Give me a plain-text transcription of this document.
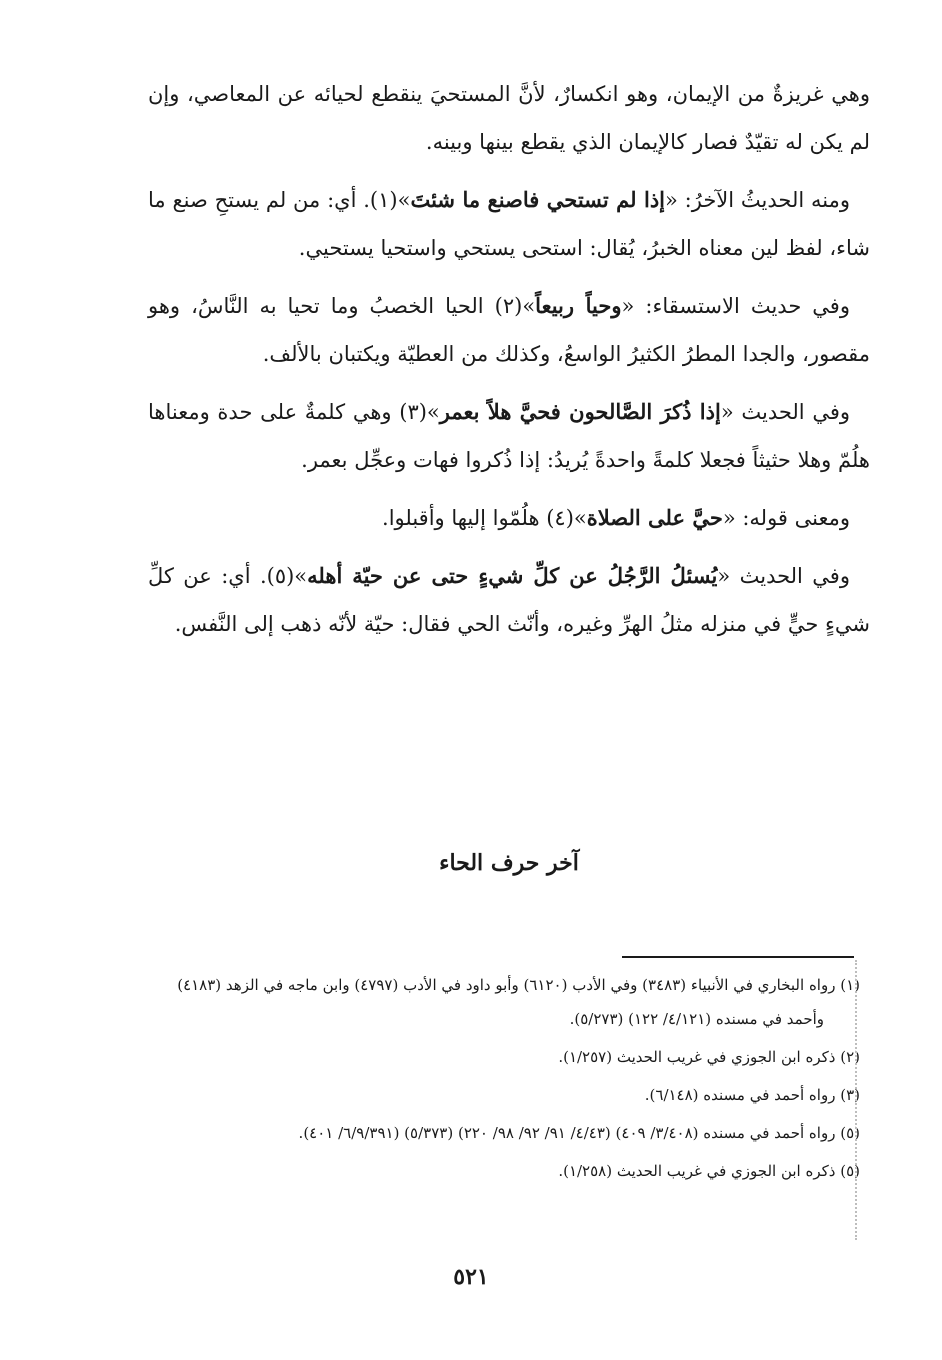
وهي غريزةٌ من الإيمان، وهو انكسارٌ، لأنَّ المستحيَ ينقطع لحيائه عن المعاصي، وإن لم يكن له تقيّدٌ فصار كالإيمان الذي يقطع بينها وبينه.

ومنه الحديثُ الآخرُ: «إذا لم تستحي فاصنع ما شئتَ»(١). أي: من لم يستحِ صنع ما شاء، لفظ لين معناه الخبرُ، يُقال: استحى يستحي واستحيا يستحيي.

وفي حديث الاستسقاء: «وحياً ربيعاً»(٢) الحيا الخصبُ وما تحيا به النَّاسُ، وهو مقصور، والجدا المطرُ الكثيرُ الواسعُ، وكذلك من العطيّة ويكتبان بالألف.

وفي الحديث «إذا ذُكرَ الصَّالحون فحيَّ هلاً بعمر»(٣) وهي كلمةٌ على حدة ومعناها هلُمّ وهلا حثيثاً فجعلا كلمةً واحدةً يُريدُ: إذا ذُكروا فهات وعجِّل بعمر.

ومعنى قوله: «حيَّ على الصلاة»(٤) هلُمّوا إليها وأقبلوا.

وفي الحديث «يُسئلُ الرَّجُلُ عن كلِّ شيءٍ حتى عن حيّة أهله»(٥). أي: عن كلِّ شيءٍ حيٍّ في منزله مثلُ الهرِّ وغيره، وأنّث الحي فقال: حيّة لأنّه ذهب إلى النَّفس.

آخر حرف الحاء

(١) رواه البخاري في الأنبياء (٣٤٨٣) وفي الأدب (٦١٢٠) وأبو داود في الأدب (٤٧٩٧) وابن ماجه في الزهد (٤١٨٣) وأحمد في مسنده (٤/١٢١/ ١٢٢) (٥/٢٧٣).

(٢) ذكره ابن الجوزي في غريب الحديث (١/٢٥٧).

(٣) رواه أحمد في مسنده (٦/١٤٨).

(٥) رواه أحمد في مسنده (٣/٤٠٨/ ٤٠٩) (٤/٤٣/ ٩١/ ٩٢/ ٩٨/ ٢٢٠) (٥/٣٧٣) (٦/٩/٣٩١/ ٤٠١).

(٥) ذكره ابن الجوزي في غريب الحديث (١/٢٥٨).

٥٢١
